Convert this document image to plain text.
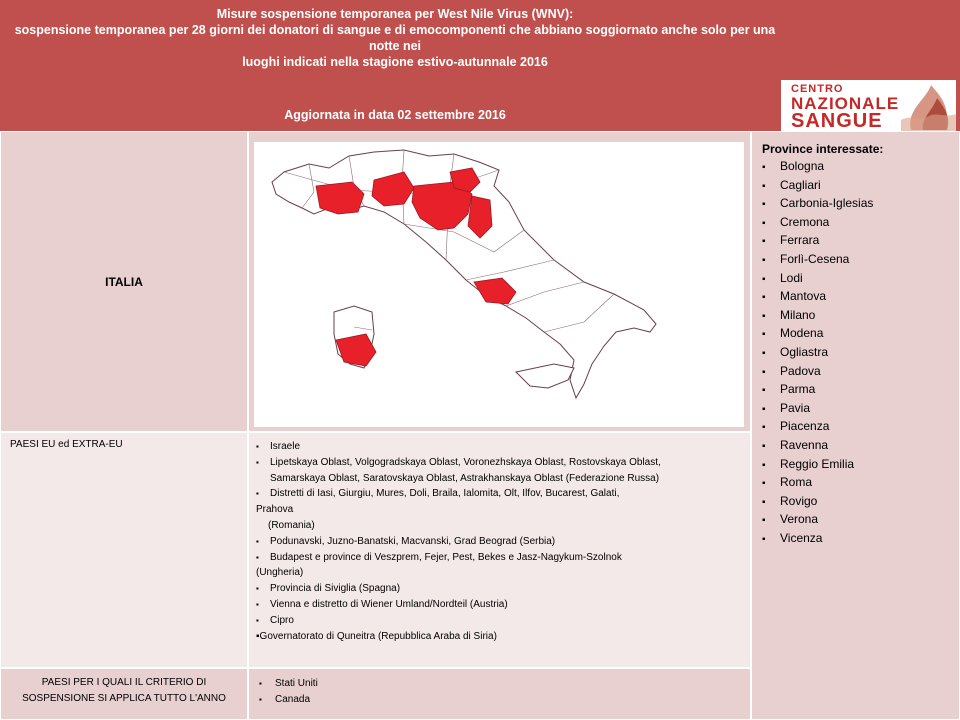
Misure sospensione temporanea per West Nile Virus (WNV):
sospensione temporanea per 28 giorni dei donatori di sangue e di emocomponenti che abbiano soggiornato anche solo per una notte nei
luoghi indicati nella stagione estivo-autunnale 2016
Aggiornata in data 02 settembre 2016
CENTRO
NAZIONALE
SANGUE
ITALIA
Province interessate:
▪ Bologna
▪ Cagliari
▪ Carbonia-Iglesias
▪ Cremona
▪ Ferrara
▪ Forlì-Cesena
▪ Lodi
▪ Mantova
▪ Milano
▪ Modena
▪ Ogliastra
▪ Padova
▪ Parma
▪ Pavia
▪ Piacenza
▪ Ravenna
▪ Reggio Emilia
▪ Roma
▪ Rovigo
▪ Verona
▪ Vicenza
PAESI EU ed EXTRA-EU	▪ Israele
▪ Lipetskaya Oblast, Volgogradskaya Oblast, Voronezhskaya Oblast, Rostovskaya Oblast,
Samarskaya Oblast, Saratovskaya Oblast, Astrakhanskaya Oblast (Federazione Russa)
▪ Distretti di Iasi, Giurgiu, Mures, Doli, Braila, Ialomita, Olt, Ilfov, Bucarest, Galati,
Prahova
(Romania)
▪ Podunavski, Juzno-Banatski, Macvanski, Grad Beograd (Serbia)
▪ Budapest e province di Veszprem, Fejer, Pest, Bekes e Jasz-Nagykum-Szolnok
(Ungheria)
▪ Provincia di Siviglia (Spagna)
▪ Vienna e distretto di Wiener Umland/Nordteil (Austria)
▪ Cipro
▪Governatorato di Quneitra (Repubblica Araba di Siria)
PAESI PER I QUALI IL CRITERIO DI
SOSPENSIONE SI APPLICA TUTTO L'ANNO
▪ Stati Uniti
▪ Canada
